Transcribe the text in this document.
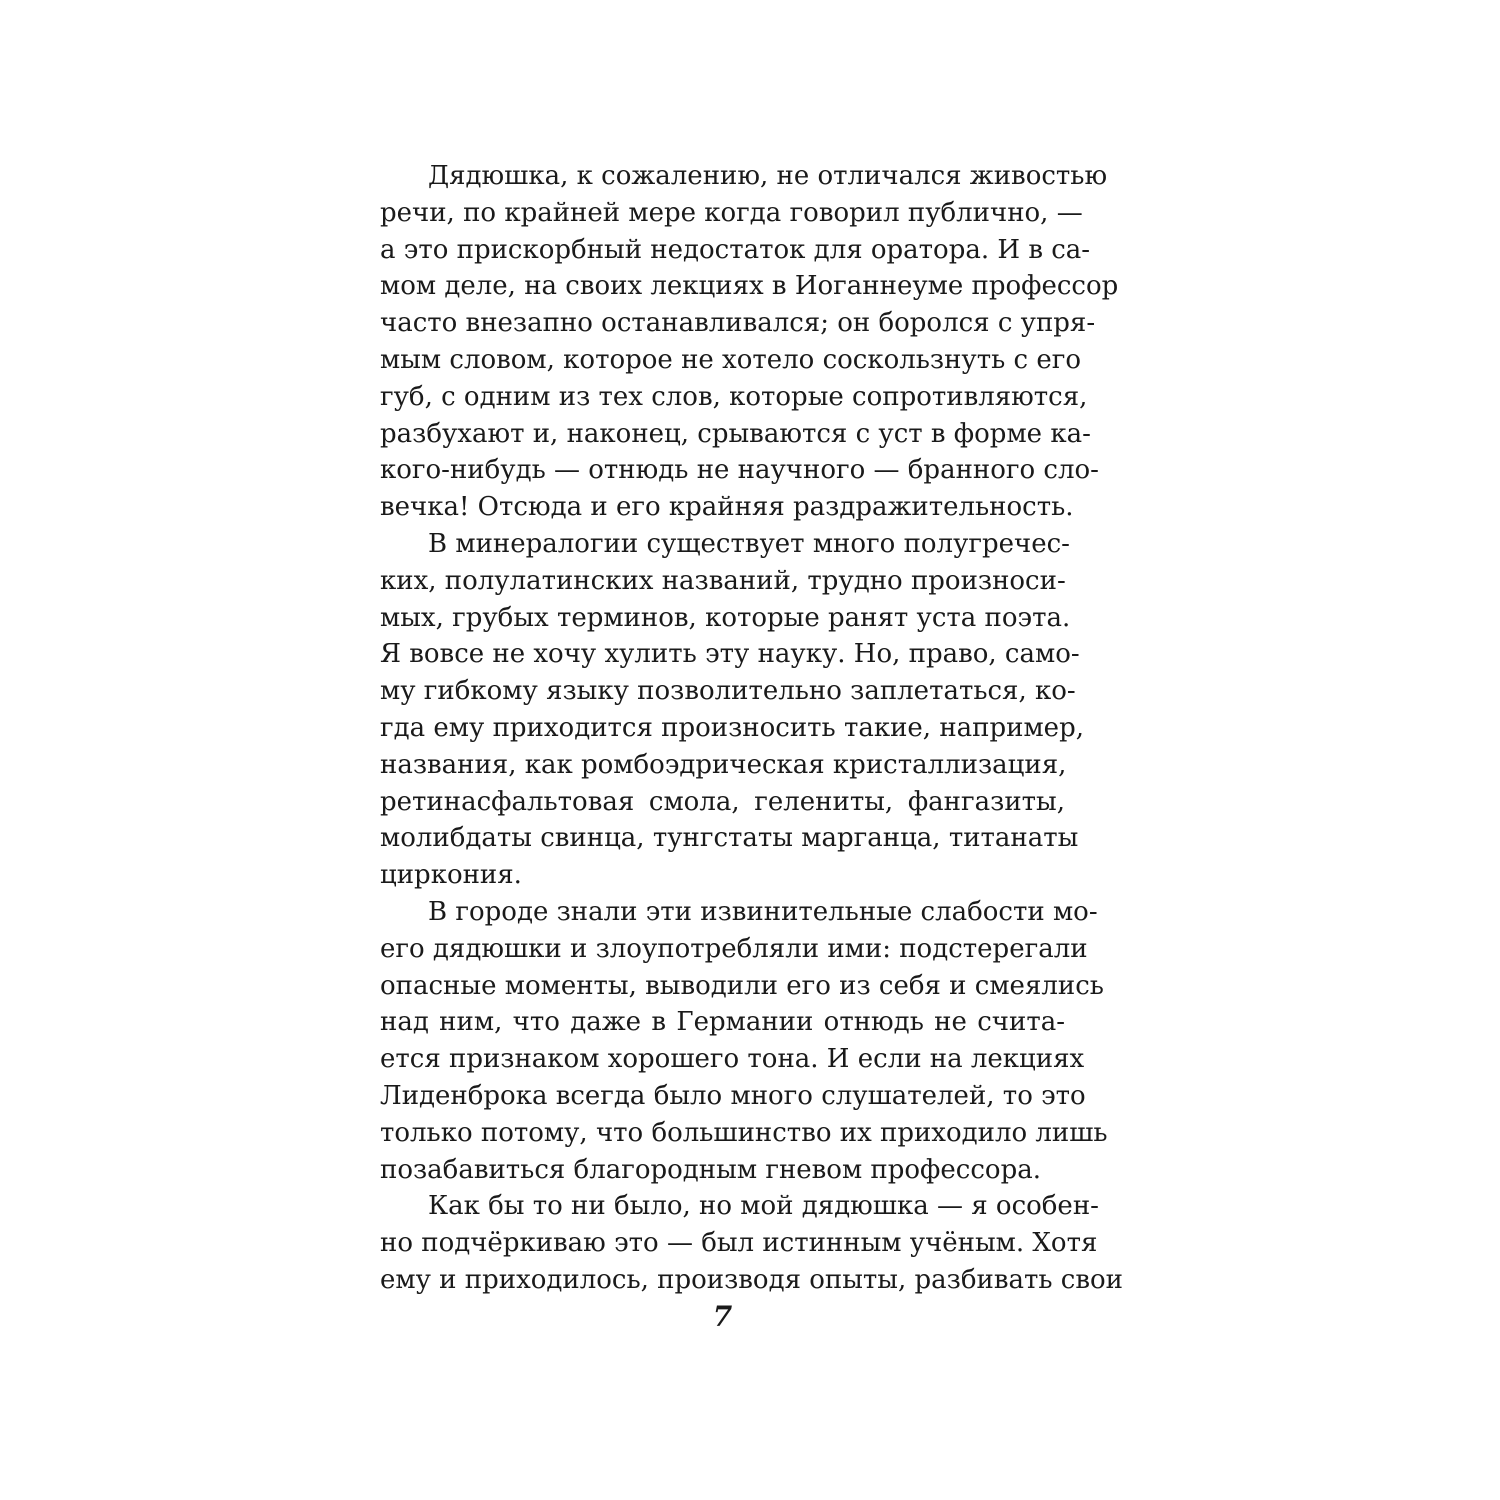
Дядюшка, к сожалению, не отличался живостью
речи, по крайней мере когда говорил публично, —
а это прискорбный недостаток для оратора. И в са-
мом деле, на своих лекциях в Иоганнеуме профессор
часто внезапно останавливался; он боролся с упря-
мым словом, которое не хотело соскользнуть с его
губ, с одним из тех слов, которые сопротивляются,
разбухают и, наконец, срываются с уст в форме ка-
кого-нибудь — отнюдь не научного — бранного сло-
вечка! Отсюда и его крайняя раздражительность.
В минералогии существует много полугречес-
ких, полулатинских названий, трудно произноси-
мых, грубых терминов, которые ранят уста поэта.
Я вовсе не хочу хулить эту науку. Но, право, само-
му гибкому языку позволительно заплетаться, ко-
гда ему приходится произносить такие, например,
названия, как ромбоэдрическая кристаллизация,
ретинасфальтовая смола, гелениты, фангазиты,
молибдаты свинца, тунгстаты марганца, титанаты
циркония.
В городе знали эти извинительные слабости мо-
его дядюшки и злоупотребляли ими: подстерегали
опасные моменты, выводили его из себя и смеялись
над ним, что даже в Германии отнюдь не счита-
ется признаком хорошего тона. И если на лекциях
Лиденброка всегда было много слушателей, то это
только потому, что большинство их приходило лишь
позабавиться благородным гневом профессора.
Как бы то ни было, но мой дядюшка — я особен-
но подчёркиваю это — был истинным учёным. Хотя
ему и приходилось, производя опыты, разбивать свои
7
